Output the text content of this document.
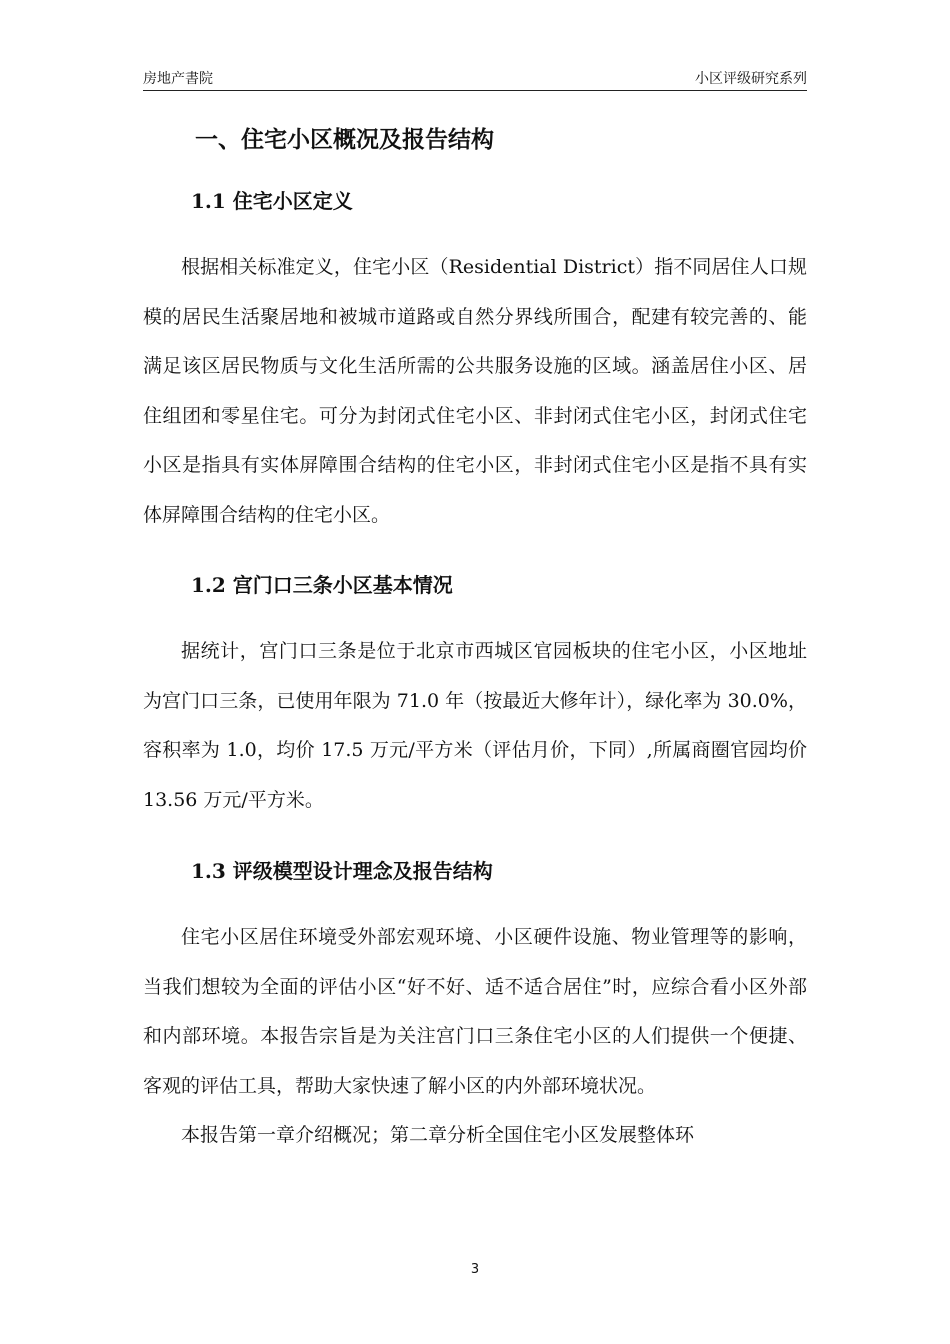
房地产書院	小区评级研究系列
一、住宅小区概况及报告结构
1.1 住宅小区定义

根据相关标准定义，住宅小区（Residential District）指不同居住人口规模的居民生活聚居地和被城市道路或自然分界线所围合，配建有较完善的、能满足该区居民物质与文化生活所需的公共服务设施的区域。涵盖居住小区、居住组团和零星住宅。可分为封闭式住宅小区、非封闭式住宅小区，封闭式住宅小区是指具有实体屏障围合结构的住宅小区，非封闭式住宅小区是指不具有实体屏障围合结构的住宅小区。

1.2 宫门口三条小区基本情况

据统计，宫门口三条是位于北京市西城区官园板块的住宅小区，小区地址为宫门口三条，已使用年限为 71.0 年（按最近大修年计），绿化率为 30.0%，容积率为 1.0，均价 17.5 万元/平方米（评估月价，下同）,所属商圈官园均价 13.56 万元/平方米。

1.3 评级模型设计理念及报告结构

住宅小区居住环境受外部宏观环境、小区硬件设施、物业管理等的影响，当我们想较为全面的评估小区“好不好、适不适合居住”时，应综合看小区外部和内部环境。本报告宗旨是为关注宫门口三条住宅小区的人们提供一个便捷、客观的评估工具，帮助大家快速了解小区的内外部环境状况。

本报告第一章介绍概况；第二章分析全国住宅小区发展整体环

3
